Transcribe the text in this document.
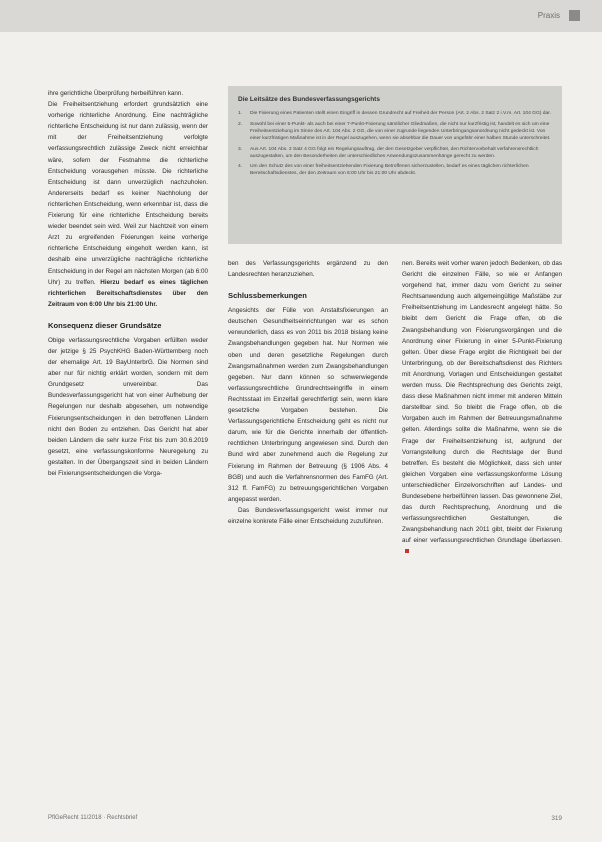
Praxis

ihre gerichtliche Überprüfung herbeiführen kann.

Die Freiheitsentziehung erfordert grundsätzlich eine vorherige richterliche Anordnung. Eine nachträgliche richterliche Entscheidung ist nur dann zulässig, wenn der mit der Freiheitsentziehung verfolgte verfassungsrechtlich zulässige Zweck nicht erreichbar wäre, sofern der Festnahme die richterliche Entscheidung vorausgehen müsste. Die richterliche Entscheidung ist dann unverzüglich nachzuholen. Andererseits bedarf es keiner Nachholung der richterlichen Entscheidung, wenn erkennbar ist, dass die Fixierung für eine richterliche Entscheidung bereits wieder beendet sein wird. Weil zur Nachtzeit von einem Arzt zu ergreifenden Fixierungen keine vorherige richterliche Entscheidung eingeholt werden kann, ist deshalb eine unverzügliche nachträgliche richterliche Entscheidung in der Regel am nächsten Morgen (ab 6:00 Uhr) zu treffen. Hierzu bedarf es eines täglichen richterlichen Bereitschaftsdienstes über den Zeitraum von 6:00 Uhr bis 21:00 Uhr.

Konsequenz dieser Grundsätze

Obige verfassungsrechtliche Vorgaben erfüllten weder der jetzige § 25 PsychKHG Baden-Württemberg noch der ehemalige Art. 19 BayUnterbrG. Die Normen sind aber nur für nichtig erklärt worden, sondern mit dem Grundgesetz unvereinbar. Das Bundesverfassungsgericht hat von einer Aufhebung der Regelungen nur deshalb abgesehen, um notwendige Fixierungsentscheidungen in den betroffenen Ländern nicht den Boden zu entziehen. Das Gericht hat aber beiden Ländern die sehr kurze Frist bis zum 30.6.2019 gesetzt, eine verfassungskonforme Neuregelung zu gestalten. In der Übergangszeit sind in beiden Ländern bei Fixierungsentscheidungen die Vorga-

Die Leitsätze des Bundesverfassungsgerichts
1. Die Fixierung eines Patienten stellt einen Eingriff in dessen Grundrecht auf Freiheit der Person (Art. 2 Abs. 2 Satz 2 i.V.m. Art. 104 GG) dar.
2. Sowohl bei einer 5-Punkt- als auch bei einer 7-Punkt-Fixierung sämtlicher Gliedmaßen, die nicht nur kurzfristig ist, handelt es sich um eine Freiheitsentziehung im Sinne des Art. 104 Abs. 2 GG, die von einer zugrunde liegenden Unterbringungsanordnung nicht gedeckt ist. Von einer kurzfristigen Maßnahme ist in der Regel auszugehen, wenn sie absehbar die Dauer von ungefähr einer halben Stunde unterschreitet.
3. Aus Art. 104 Abs. 2 Satz 4 GG folgt ein Regelungsauftrag, der den Gesetzgeber verpflichtet, den Richtervorbehalt verfahrensrechtlich auszugestalten, um den Besonderheiten der unterschiedlichen Anwendungszusammenhänge gerecht zu werden.
4. Um den Schutz des von einer freiheitsentziehenden Fixierung Betroffenen sicherzustellen, bedarf es eines täglichen richterlichen Bereitschaftsdienstes, der den Zeitraum von 6:00 Uhr bis 21:00 Uhr abdeckt.

ben des Verfassungsgerichts ergänzend zu den Landesrechten heranzuziehen.

Schlussbemerkungen

Angesichts der Fülle von Anstaltsfixierungen an deutschen Gesundheitseinrichtungen war es schon verwunderlich, dass es von 2011 bis 2018 bislang keine Zwangsbehandlungen gegeben hat. Nur Normen wie oben und deren gesetzliche Regelungen durch Zwangsmaßnahmen werden zum Zwangsbehandlungen gegeben. Nur dann können so schwerwiegende verfassungsrechtliche Grundrechtseingriffe in einem Rechtsstaat im Einzelfall gerechtfertigt sein, wenn klare gesetzliche Vorgaben bestehen. Die Verfassungsgerichtliche Entscheidung geht es nicht nur darum, wie für die Gerichte innerhalb der öffentlich-rechtlichen Unterbringung angewiesen sind. Durch den Bund wird aber zunehmend auch die Regelung zur Fixierung im Rahmen der Betreuung (§ 1906 Abs. 4 BGB) und auch die Verfahrensnormen des FamFG (Art. 312 ff. FamFG) zu betreuungsgerichtlichen Vorgaben angepasst werden.

Das Bundesverfassungsgericht weist immer nur einzelne konkrete Fälle einer Entscheidung zuzuführen.

nen. Bereits weit vorher waren jedoch Bedenken, ob das Gericht die einzelnen Fälle, so wie er Anfangen vorgehend hat, immer dazu vom Gericht zu seiner Rechtsanwendung auch allgemeingültige Maßstäbe zur Freiheitsentziehung im Landesrecht angelegt hätte. So bleibt dem Gericht die Frage offen, ob die Zwangsbehandlung von Fixierungsvorgängen und die Anordnung einer Fixierung in einer 5-Punkt-Fixierung gelten. Über diese Frage ergibt die Richtigkeit bei der Unterbringung, ob der Bereitschaftsdienst des Richters mit Anordnung, Vorlagen und Entscheidungen gestaltet werden muss. Die Rechtsprechung des Gerichts zeigt, dass diese Maßnahmen nicht immer mit anderen Mitteln darstellbar sind. So bleibt die Frage offen, ob die Vorgaben auch im Rahmen der Betreuungsmaßnahme gelten. Allerdings sollte die Maßnahme, wenn sie die Frage der Freiheitsentziehung ist, aufgrund der Vorrangstellung durch die Rechtslage der Bund betreffen. Es besteht die Möglichkeit, dass sich unter gleichen Vorgaben eine verfassungskonforme Lösung unterschiedlicher Einzelvorschriften auf Landes- und Bundesebene herbeiführen lassen. Das gewonnene Ziel, das durch Rechtsprechung, Anordnung und die verfassungsrechtlichen Gestaltungen, die Zwangsbehandlung nach 2011 gibt, bleibt der Fixierung auf einer verfassungsrechtlichen Grundlage überlassen.

PflGeRecht 11/2018 · Rechtsbrief	319
